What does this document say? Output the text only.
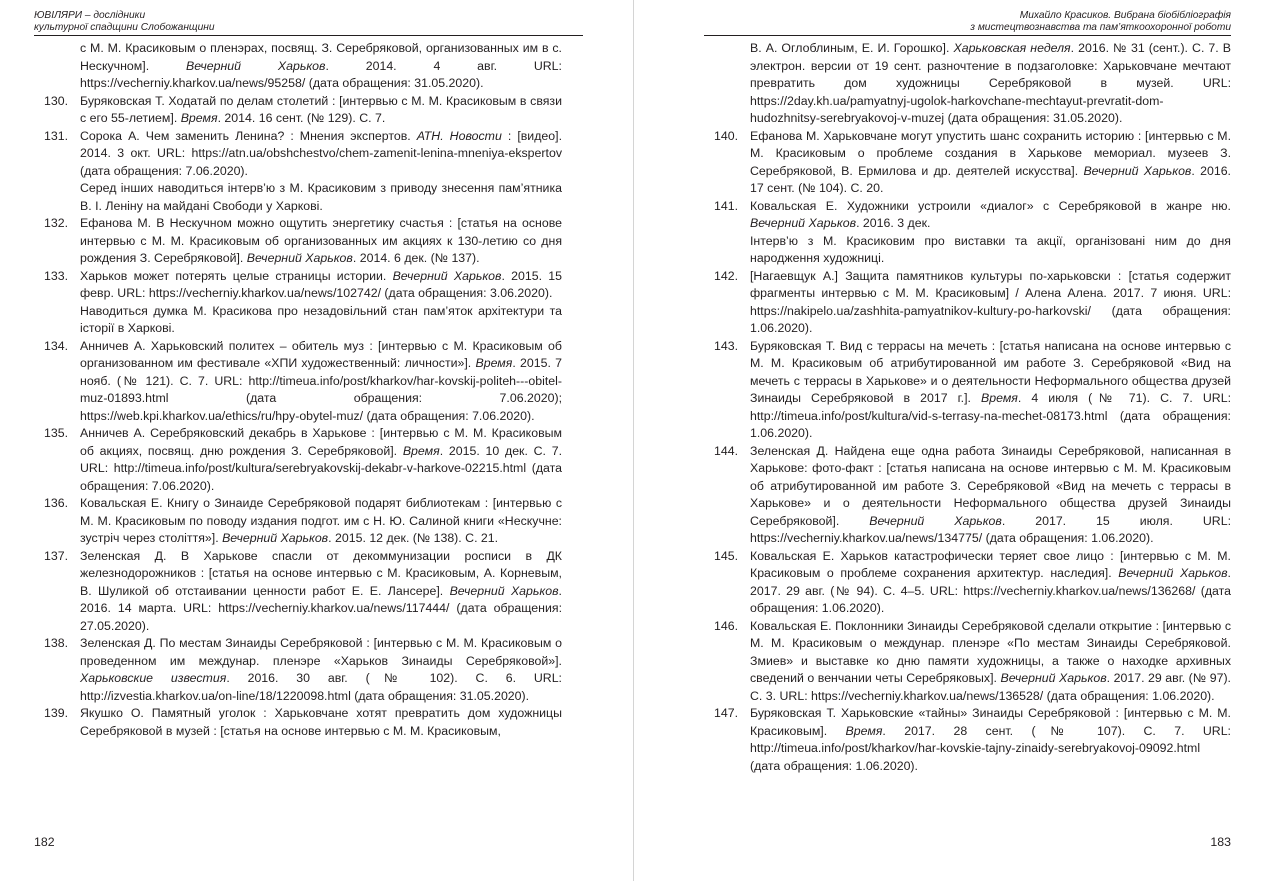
ЮВІЛЯРИ – дослідники
культурної спадщини Слобожанщини
с М. М. Красиковым о пленэрах, посвящ. З. Серебряковой, организованных им в с. Нескучном]. Вечерний Харьков. 2014. 4 авг. URL: https://vecherniy.kharkov.ua/news/95258/ (дата обращения: 31.05.2020).
130. Буряковская Т. Ходатай по делам столетий : [интервью с М. М. Красиковым в связи с его 55-летием]. Время. 2014. 16 сент. (№ 129). С. 7.
131. Сорока А. Чем заменить Ленина? : Мнения экспертов. АТН. Новости : [видео]. 2014. 3 окт. URL: https://atn.ua/obshchestvo/chem-zamenit-lenina-mneniya-ekspertov (дата обращения: 7.06.2020).
Серед інших наводиться інтерв’ю з М. Красиковим з приводу знесення пам’ятника В. І. Леніну на майдані Свободи у Харкові.
132. Ефанова М. В Нескучном можно ощутить энергетику счастья : [статья на основе интервью с М. М. Красиковым об организованных им акциях к 130-летию со дня рождения З. Серебряковой]. Вечерний Харьков. 2014. 6 дек. (№ 137).
133. Харьков может потерять целые страницы истории. Вечерний Харьков. 2015. 15 февр. URL: https://vecherniy.kharkov.ua/news/102742/ (дата обращения: 3.06.2020).
Наводиться думка М. Красикова про незадовільний стан пам’яток архітектури та історії в Харкові.
134. Анничев А. Харьковский политех – обитель муз : [интервью с М. Красиковым об организованном им фестивале «ХПИ художественный: личности»]. Время. 2015. 7 нояб. (№ 121). С. 7. URL: http://timeua.info/post/kharkov/har-kovskij-politeh---obitel-muz-01893.html (дата обращения: 7.06.2020); https://web.kpi.kharkov.ua/ethics/ru/hpy-obytel-muz/ (дата обращения: 7.06.2020).
135. Анничев А. Серебряковский декабрь в Харькове : [интервью с М. М. Красиковым об акциях, посвящ. дню рождения З. Серебряковой]. Время. 2015. 10 дек. С. 7. URL: http://timeua.info/post/kultura/serebryakovskij-dekabr-v-harkove-02215.html (дата обращения: 7.06.2020).
136. Ковальская Е. Книгу о Зинаиде Серебряковой подарят библиотекам : [интервью с М. М. Красиковым по поводу издания подгот. им с Н. Ю. Салиной книги «Нескучне: зустріч через століття»]. Вечерний Харьков. 2015. 12 дек. (№ 138). С. 21.
137. Зеленская Д. В Харькове спасли от декоммунизации росписи в ДК железнодорожников : [статья на основе интервью с М. Красиковым, А. Корневым, В. Шуликой об отстаивании ценности работ Е. Е. Лансере]. Вечерний Харьков. 2016. 14 марта. URL: https://vecherniy.kharkov.ua/news/117444/ (дата обращения: 27.05.2020).
138. Зеленская Д. По местам Зинаиды Серебряковой : [интервью с М. М. Красиковым о проведенном им междунар. пленэре «Харьков Зинаиды Серебряковой»]. Харьковские известия. 2016. 30 авг. (№ 102). С. 6. URL: http://izvestia.kharkov.ua/on-line/18/1220098.html (дата обращения: 31.05.2020).
139. Якушко О. Памятный уголок : Харьковчане хотят превратить дом художницы Серебряковой в музей : [статья на основе интервью с М. М. Красиковым,
182
Михайло Красиков. Вибрана біобібліографія
з мистецтвознавства та пам’яткоохоронної роботи
В. А. Оглоблиным, Е. И. Горошко]. Харьковская неделя. 2016. № 31 (сент.). С. 7. В электрон. версии от 19 сент. разночтение в подзаголовке: Харьковчане мечтают превратить дом художницы Серебряковой в музей. URL: https://2day.kh.ua/pamyatnyj-ugolok-harkovchane-mechtayut-prevratit-dom-hudozhnitsy-serebryakovoj-v-muzej (дата обращения: 31.05.2020).
140. Ефанова М. Харьковчане могут упустить шанс сохранить историю : [интервью с М. М. Красиковым о проблеме создания в Харькове мемориал. музеев З. Серебряковой, В. Ермилова и др. деятелей искусства]. Вечерний Харьков. 2016. 17 сент. (№ 104). С. 20.
141. Ковальская Е. Художники устроили «диалог» с Серебряковой в жанре ню. Вечерний Харьков. 2016. 3 дек.
Інтерв’ю з М. Красиковим про виставки та акції, організовані ним до дня народження художниці.
142. [Нагаевщук А.] Защита памятников культуры по-харьковски : [статья содержит фрагменты интервью с М. М. Красиковым] / Алена Алена. 2017. 7 июня. URL: https://nakipelo.ua/zashhita-pamyatnikov-kultury-po-harkovski/ (дата обращения: 1.06.2020).
143. Буряковская Т. Вид с террасы на мечеть : [статья написана на основе интервью с М. М. Красиковым об атрибутированной им работе З. Серебряковой «Вид на мечеть с террасы в Харькове» и о деятельности Неформального общества друзей Зинаиды Серебряковой в 2017 г.]. Время. 4 июля (№ 71). С. 7. URL: http://timeua.info/post/kultura/vid-s-terrasy-na-mechet-08173.html (дата обращения: 1.06.2020).
144. Зеленская Д. Найдена еще одна работа Зинаиды Серебряковой, написанная в Харькове: фото-факт : [статья написана на основе интервью с М. М. Красиковым об атрибутированной им работе З. Серебряковой «Вид на мечеть с террасы в Харькове» и о деятельности Неформального общества друзей Зинаиды Серебряковой]. Вечерний Харьков. 2017. 15 июля. URL: https://vecherniy.kharkov.ua/news/134775/ (дата обращения: 1.06.2020).
145. Ковальская Е. Харьков катастрофически теряет свое лицо : [интервью с М. М. Красиковым о проблеме сохранения архитектур. наследия]. Вечерний Харьков. 2017. 29 авг. (№ 94). С. 4–5. URL: https://vecherniy.kharkov.ua/news/136268/ (дата обращения: 1.06.2020).
146. Ковальская Е. Поклонники Зинаиды Серебряковой сделали открытие : [интервью с М. М. Красиковым о междунар. пленэре «По местам Зинаиды Серебряковой. Змиев» и выставке ко дню памяти художницы, а также о находке архивных сведений о венчании четы Серебряковых]. Вечерний Харьков. 2017. 29 авг. (№ 97). С. 3. URL: https://vecherniy.kharkov.ua/news/136528/ (дата обращения: 1.06.2020).
147. Буряковская Т. Харьковские «тайны» Зинаиды Серебряковой : [интервью с М. М. Красиковым]. Время. 2017. 28 сент. (№ 107). С. 7. URL: http://timeua.info/post/kharkov/har-kovskie-tajny-zinaidy-serebryakovoj-09092.html (дата обращения: 1.06.2020).
183
